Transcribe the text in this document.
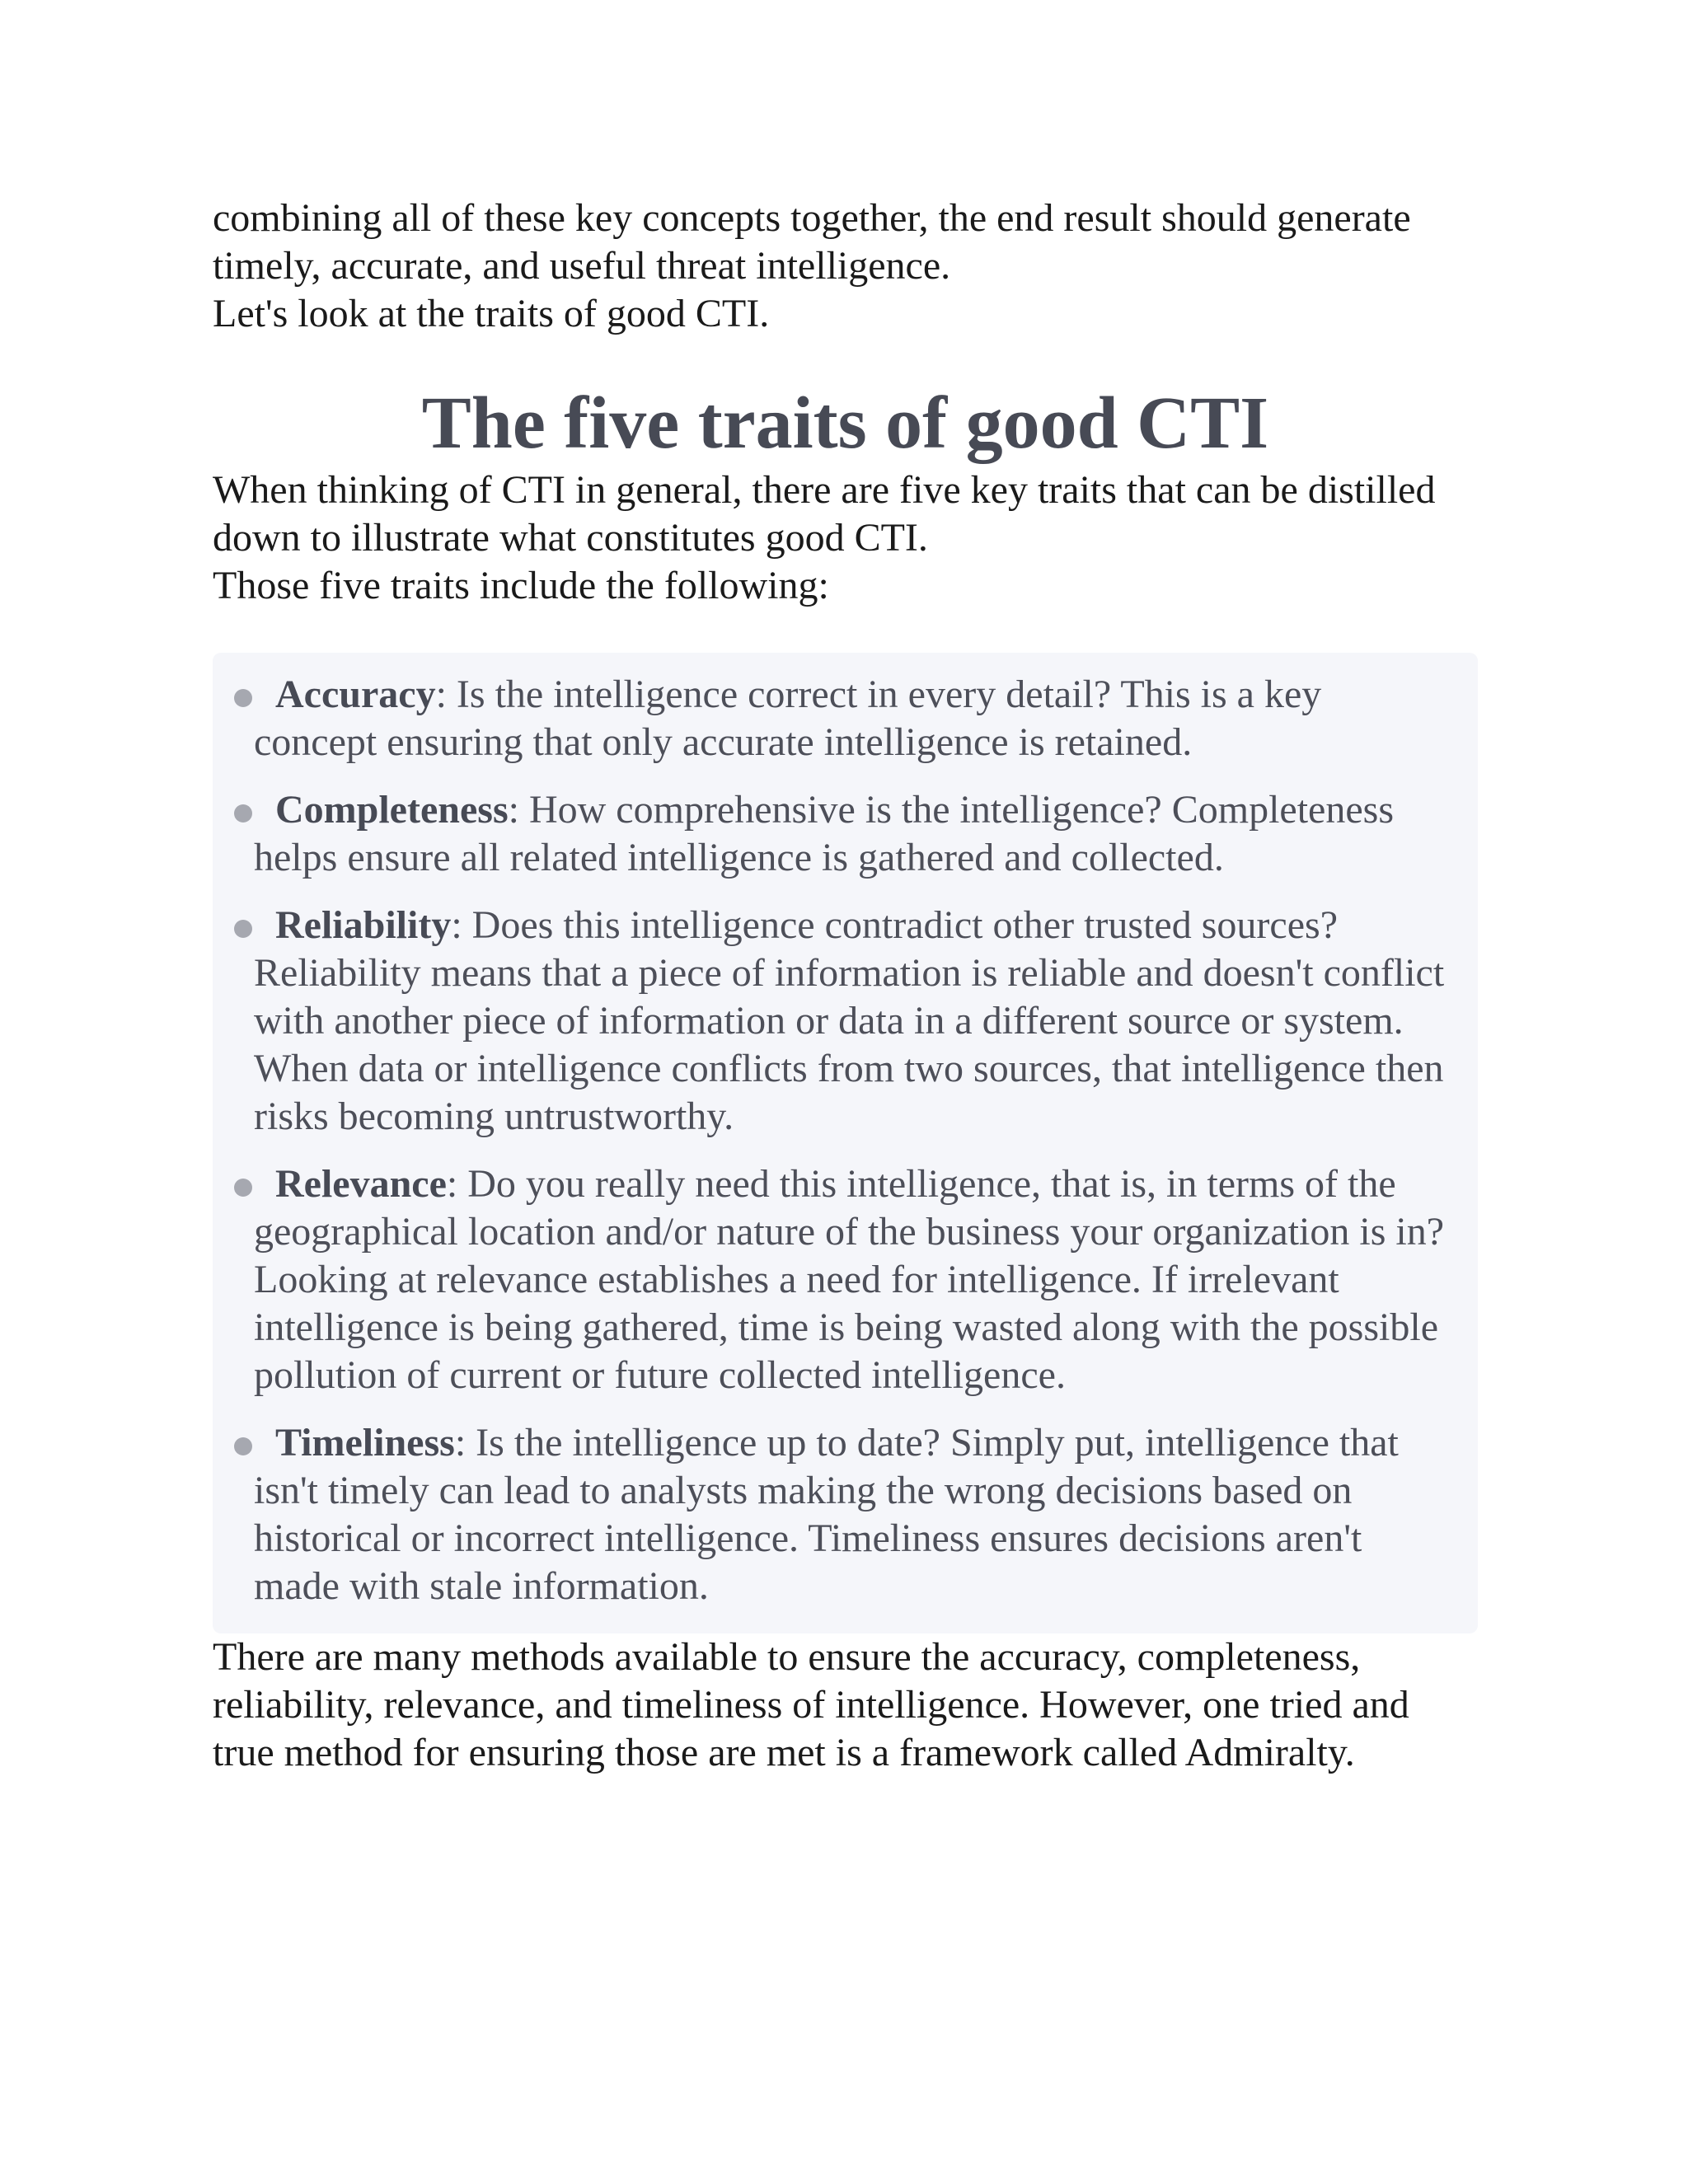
combining all of these key concepts together, the end result should generate timely, accurate, and useful threat intelligence.

Let's look at the traits of good CTI.

The five traits of good CTI

When thinking of CTI in general, there are five key traits that can be distilled down to illustrate what constitutes good CTI.

Those five traits include the following:

Accuracy: Is the intelligence correct in every detail? This is a key concept ensuring that only accurate intelligence is retained.
Completeness: How comprehensive is the intelligence? Completeness helps ensure all related intelligence is gathered and collected.
Reliability: Does this intelligence contradict other trusted sources? Reliability means that a piece of information is reliable and doesn't conflict with another piece of information or data in a different source or system. When data or intelligence conflicts from two sources, that intelligence then risks becoming untrustworthy.
Relevance: Do you really need this intelligence, that is, in terms of the geographical location and/or nature of the business your organization is in? Looking at relevance establishes a need for intelligence. If irrelevant intelligence is being gathered, time is being wasted along with the possible pollution of current or future collected intelligence.
Timeliness: Is the intelligence up to date? Simply put, intelligence that isn't timely can lead to analysts making the wrong decisions based on historical or incorrect intelligence. Timeliness ensures decisions aren't made with stale information.

There are many methods available to ensure the accuracy, completeness, reliability, relevance, and timeliness of intelligence. However, one tried and true method for ensuring those are met is a framework called Admiralty.
